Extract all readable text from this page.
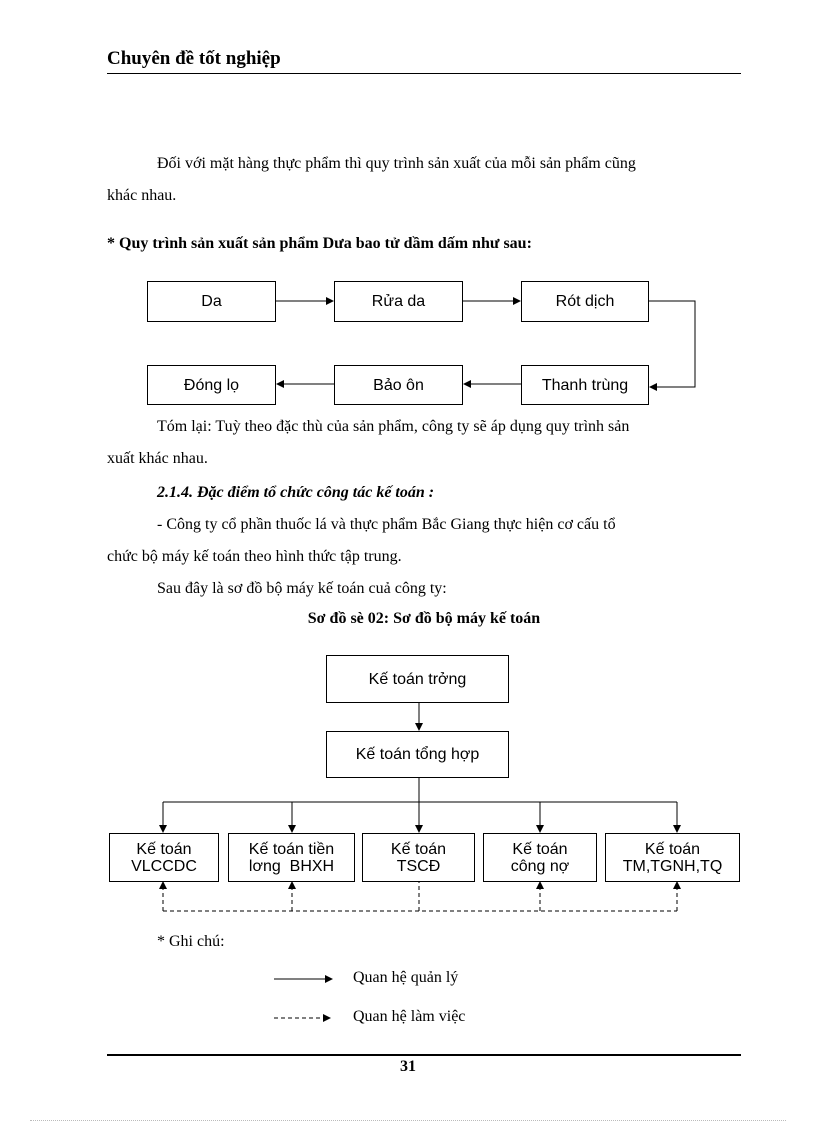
Chuyên đề tốt nghiệp
Đối với mặt hàng thực phẩm thì quy trình sản xuất của mỗi sản phẩm cũng
khác nhau.
* Quy trình sản xuất sản phẩm Dưa bao tử dầm dấm như sau:
Da	Rửa da	Rót dịch
Thanh trùng
Bảo ôn
Đóng lọ
Tóm lại: Tuỳ theo đặc thù của sản phẩm, công ty sẽ áp dụng quy trình sản
xuất khác nhau.
2.1.4. Đặc điểm tổ chức công tác kế toán :
- Công ty cổ phần thuốc lá và thực phẩm Bắc Giang thực hiện cơ cấu tổ
chức bộ máy kế toán theo hình thức tập trung.
Sau đây là sơ đồ bộ máy kế toán cuả công ty:
Sơ đồ sè 02: Sơ đồ bộ máy kế toán
Kế toán trởng
Kế toán tổng hợp
Kế toán
VLCCDC
Kế toán tiền
lơng  BHXH
Kế toán
TSCĐ
Kế toán
công nợ
Kế toán
TM,TGNH,TQ
* Ghi chú:
Quan hệ quản lý
Quan hệ làm việc
31
